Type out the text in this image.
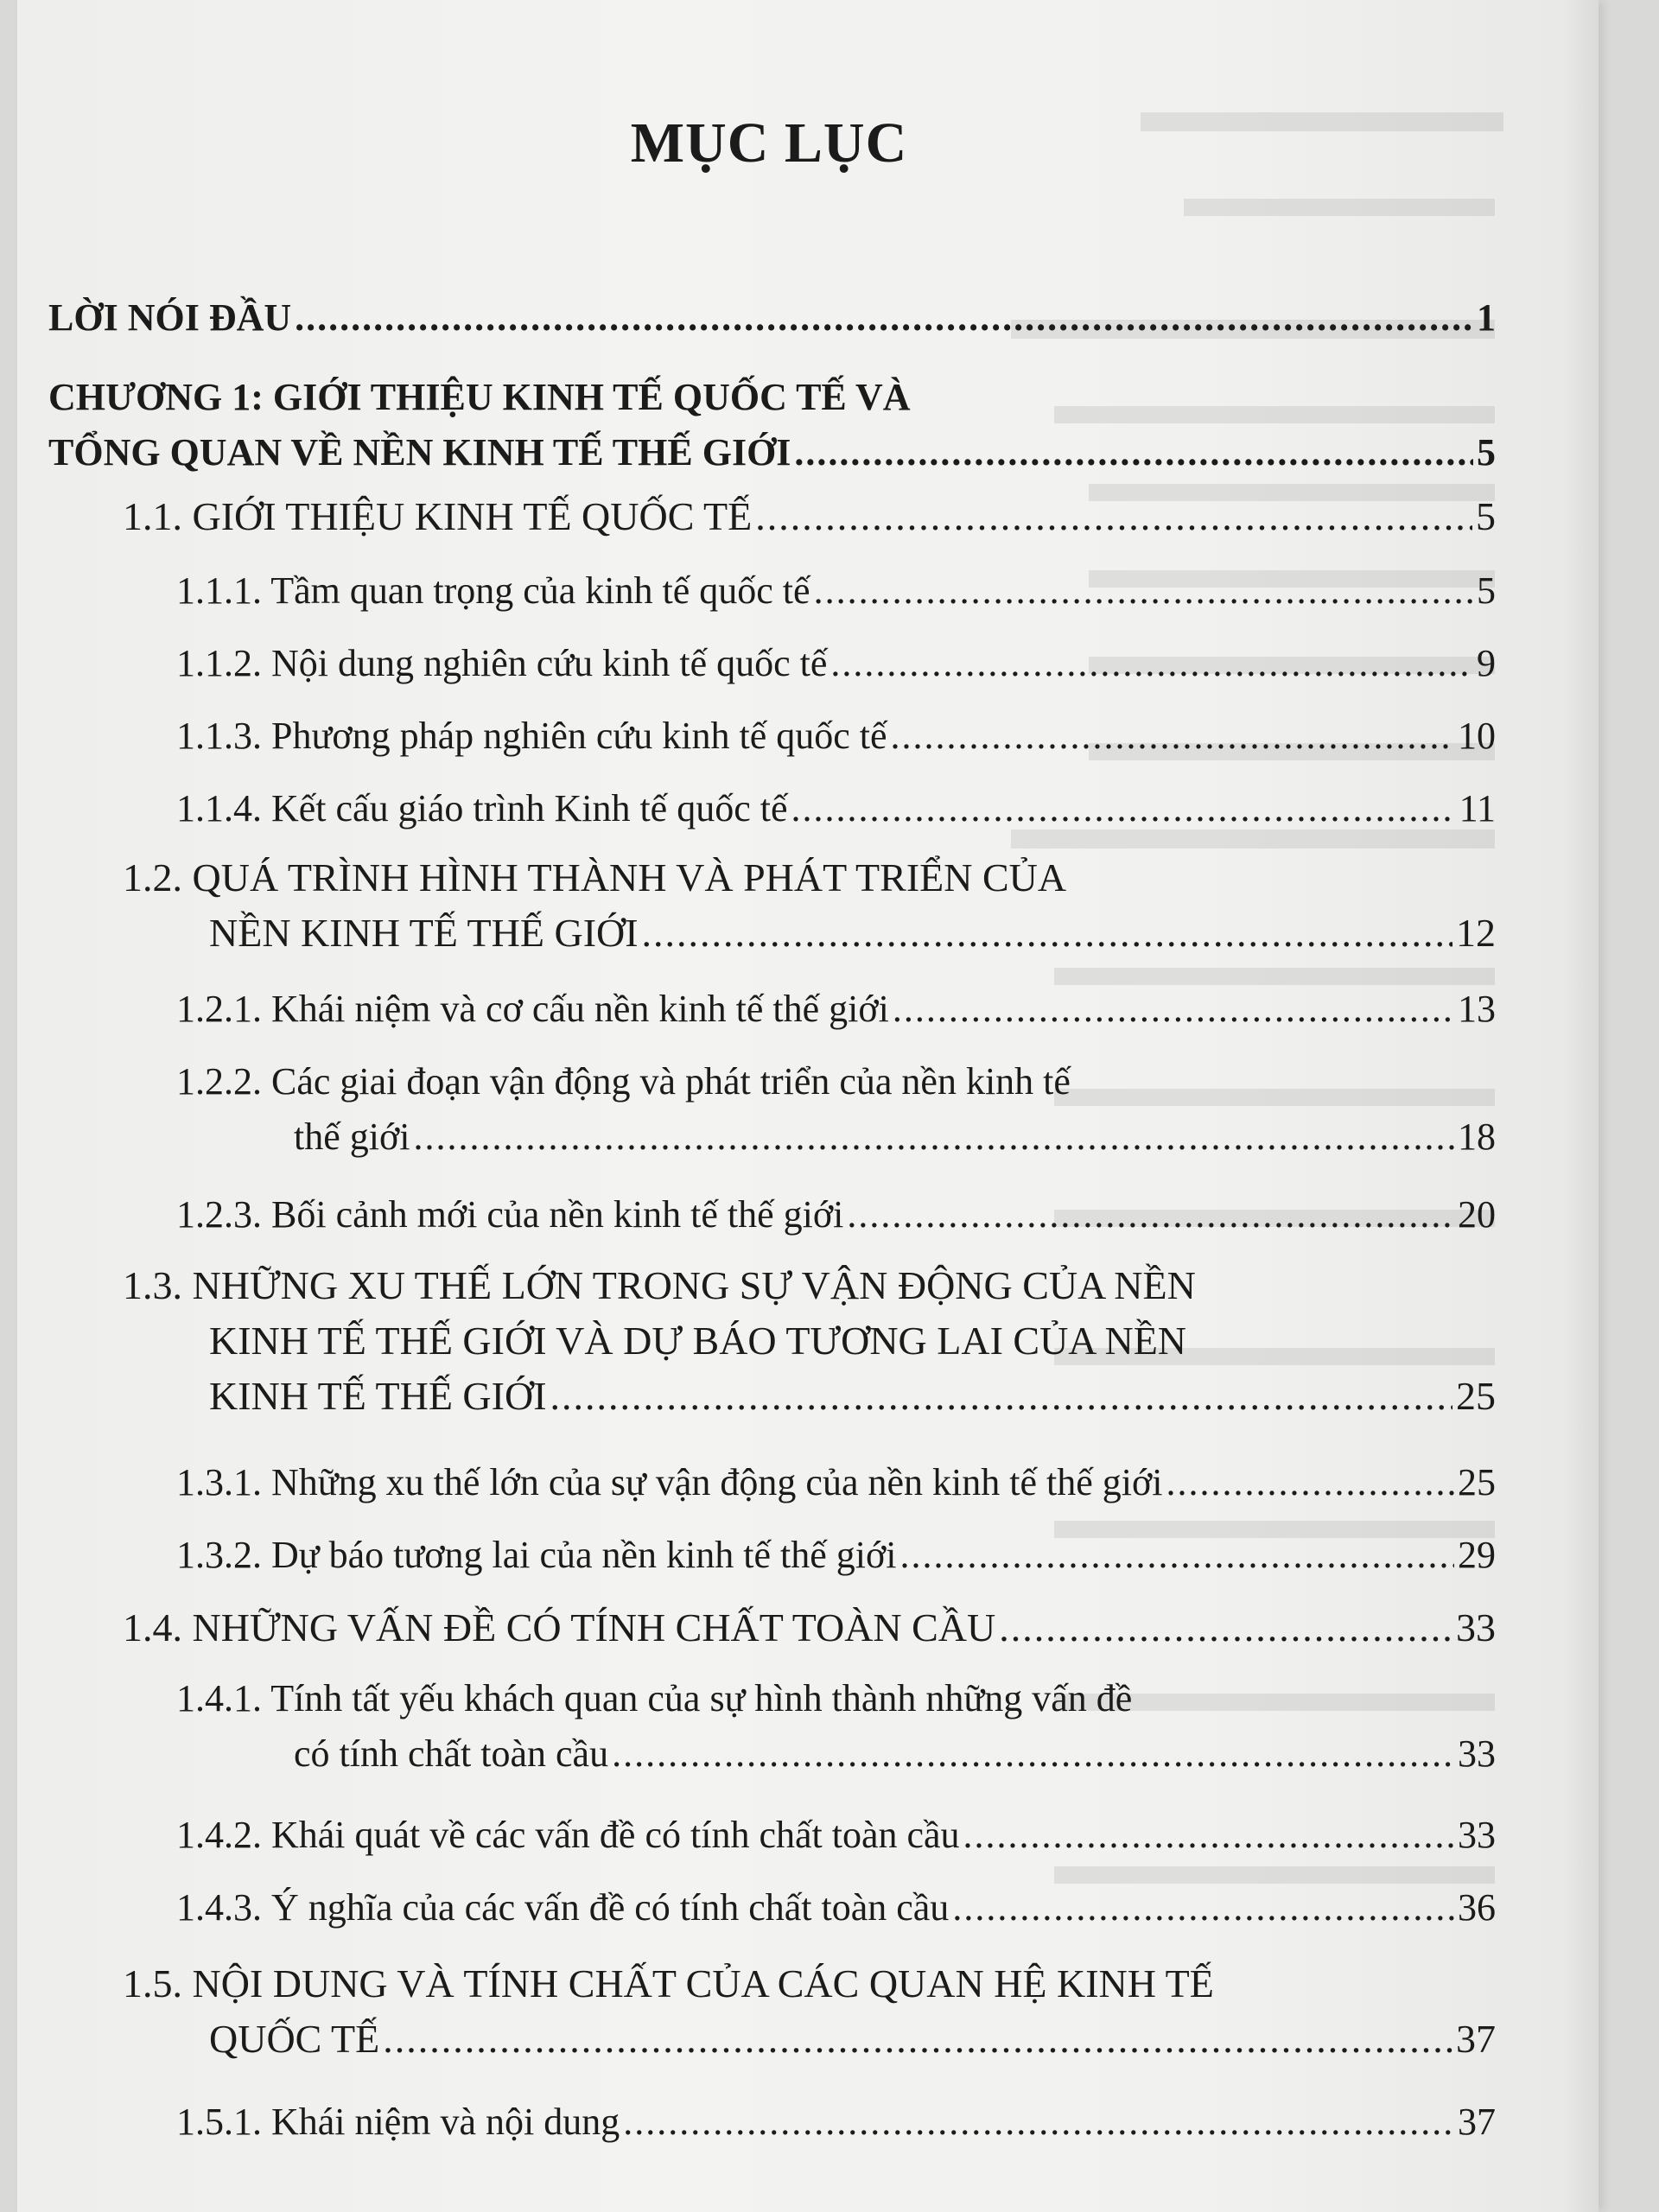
MỤC LỤC
LỜI NÓI ĐẦU .....	1
CHƯƠNG 1: GIỚI THIỆU KINH TẾ QUỐC TẾ VÀ
TỔNG QUAN VỀ NỀN KINH TẾ THẾ GIỚI .....	5
1.1. GIỚI THIỆU KINH TẾ QUỐC TẾ .....	5
1.1.1. Tầm quan trọng của kinh tế quốc tế .....	5
1.1.2. Nội dung nghiên cứu kinh tế quốc tế .....	9
1.1.3. Phương pháp nghiên cứu kinh tế quốc tế .....	10
1.1.4. Kết cấu giáo trình Kinh tế quốc tế .....	11
1.2. QUÁ TRÌNH HÌNH THÀNH VÀ PHÁT TRIỂN CỦA
NỀN KINH TẾ THẾ GIỚI .....	12
1.2.1. Khái niệm và cơ cấu nền kinh tế thế giới .....	13
1.2.2. Các giai đoạn vận động và phát triển của nền kinh tế
thế giới .....	18
1.2.3. Bối cảnh mới của nền kinh tế thế giới .....	20
1.3. NHỮNG XU THẾ LỚN TRONG SỰ VẬN ĐỘNG CỦA NỀN
KINH TẾ THẾ GIỚI VÀ DỰ BÁO TƯƠNG LAI CỦA NỀN
KINH TẾ THẾ GIỚI .....	25
1.3.1. Những xu thế lớn của sự vận động của nền kinh tế thế giới .....	25
1.3.2. Dự báo tương lai của nền kinh tế thế giới .....	29
1.4. NHỮNG VẤN ĐỀ CÓ TÍNH CHẤT TOÀN CẦU .....	33
1.4.1. Tính tất yếu khách quan của sự hình thành những vấn đề
có tính chất toàn cầu .....	33
1.4.2. Khái quát về các vấn đề có tính chất toàn cầu .....	33
1.4.3. Ý nghĩa của các vấn đề có tính chất toàn cầu .....	36
1.5. NỘI DUNG VÀ TÍNH CHẤT CỦA CÁC QUAN HỆ KINH TẾ
QUỐC TẾ .....	37
1.5.1. Khái niệm và nội dung .....	37
